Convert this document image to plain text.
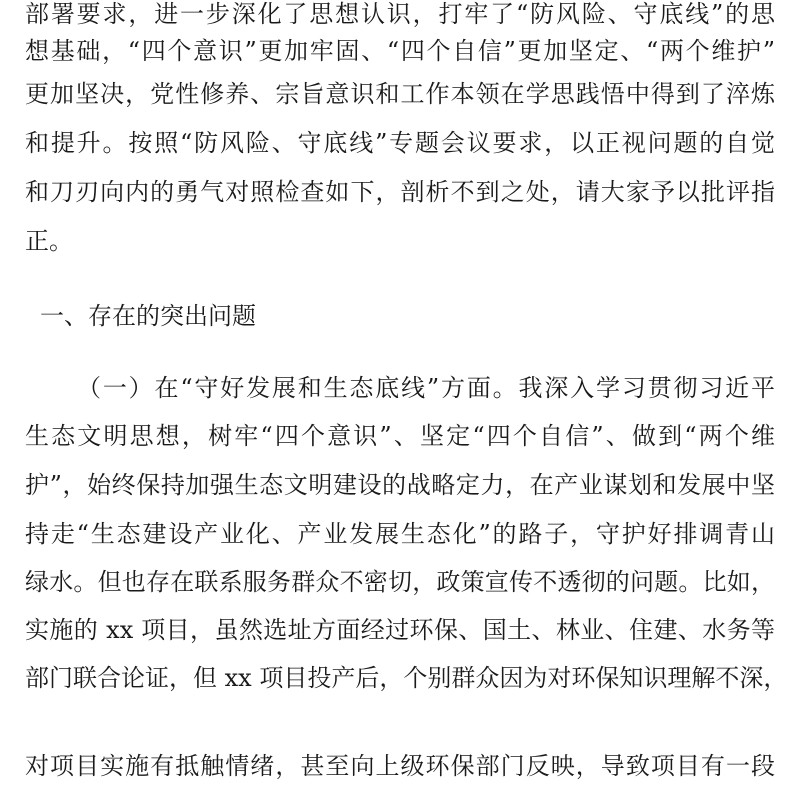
部署要求，进一步深化了思想认识，打牢了“防风险、守底线”的思
想基础，“四个意识”更加牢固、“四个自信”更加坚定、“两个维护”
更加坚决，党性修养、宗旨意识和工作本领在学思践悟中得到了淬炼
和提升。按照“防风险、守底线”专题会议要求，以正视问题的自觉
和刀刃向内的勇气对照检查如下，剖析不到之处，请大家予以批评指
正。
一、存在的突出问题
（一）在“守好发展和生态底线”方面。我深入学习贯彻习近平
生态文明思想，树牢“四个意识”、坚定“四个自信”、做到“两个维
护”，始终保持加强生态文明建设的战略定力，在产业谋划和发展中坚
持走“生态建设产业化、产业发展生态化”的路子，守护好排调青山
绿水。但也存在联系服务群众不密切，政策宣传不透彻的问题。比如，
实施的 xx 项目，虽然选址方面经过环保、国土、林业、住建、水务等
部门联合论证，但 xx 项目投产后，个别群众因为对环保知识理解不深，
对项目实施有抵触情绪，甚至向上级环保部门反映，导致项目有一段
